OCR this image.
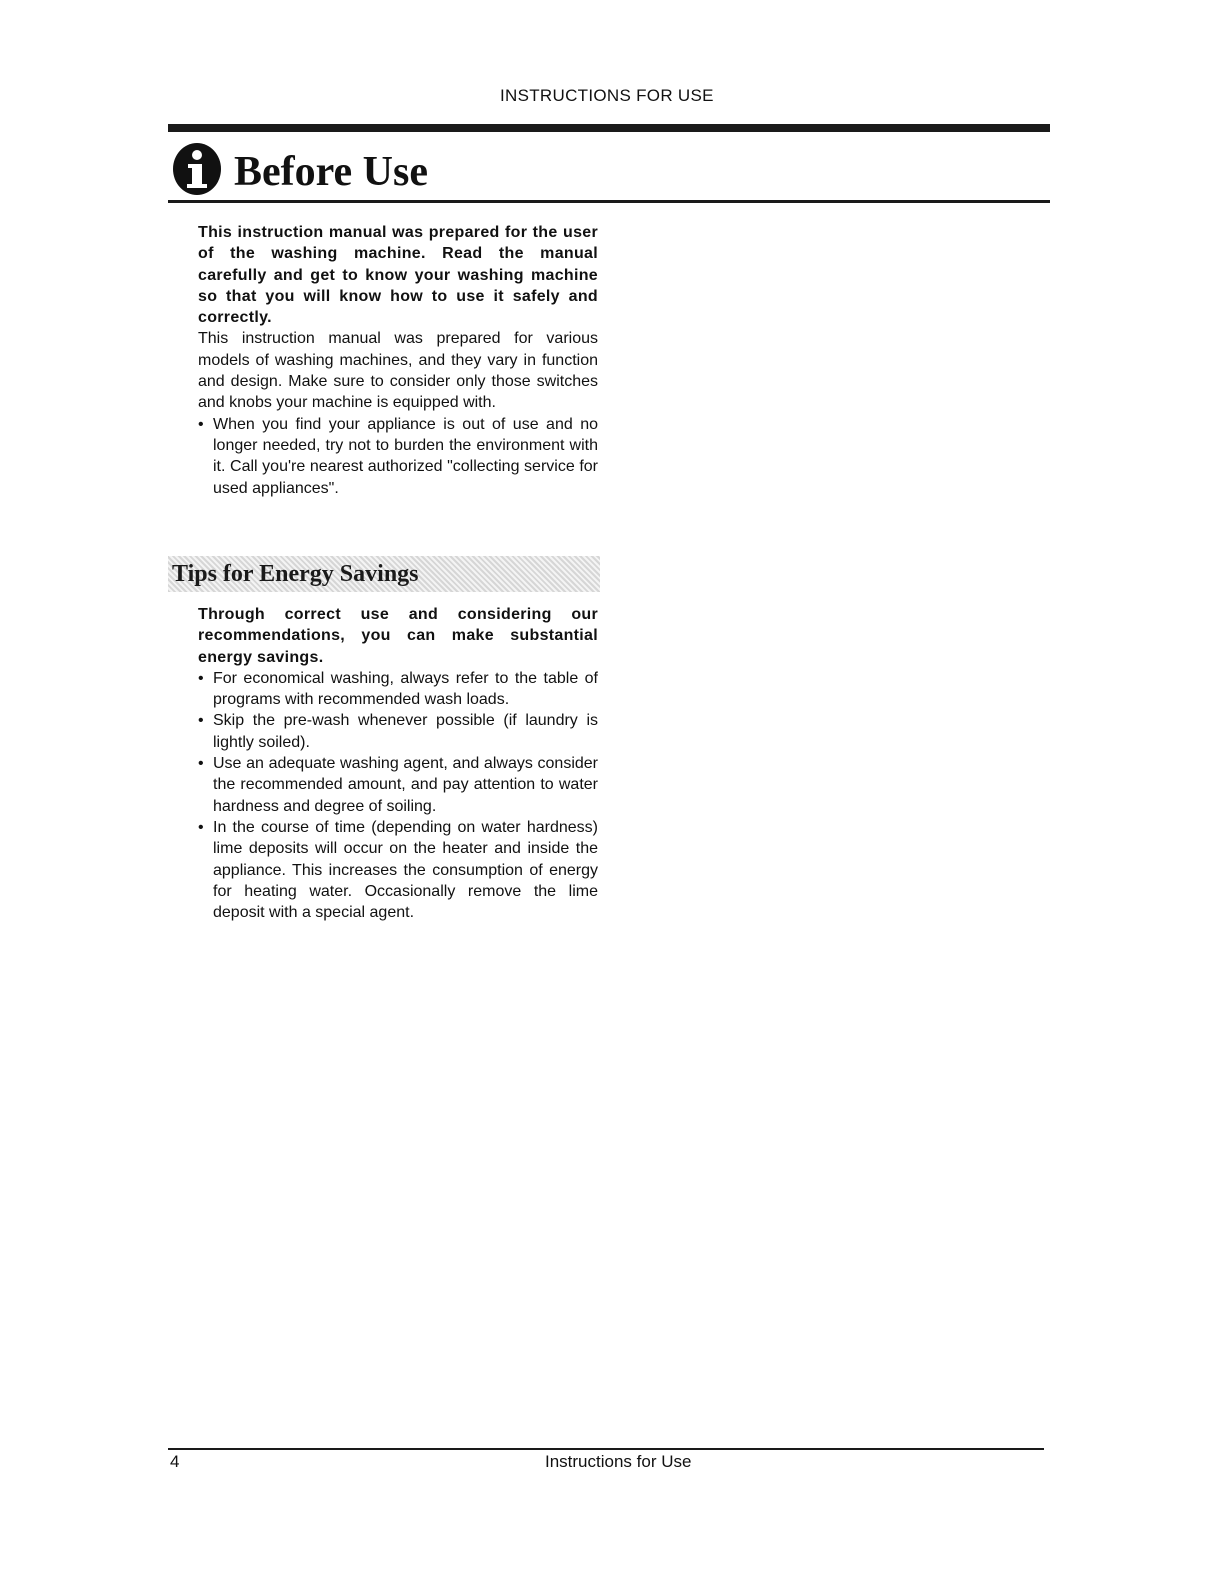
INSTRUCTIONS FOR USE
Before Use

This instruction manual was prepared for the user of the washing machine. Read the manual carefully and get to know your washing machine so that you will know how to use it safely and correctly.

This instruction manual was prepared for various models of washing machines, and they vary in function and design. Make sure to consider only those switches and knobs your machine is equipped with.

• When you find your appliance is out of use and no longer needed, try not to burden the environment with it. Call you're nearest authorized "collecting service for used appliances".
Tips for Energy Savings

Through correct use and considering our recommendations, you can make substantial energy savings.

• For economical washing, always refer to the table of programs with recommended wash loads.
• Skip the pre-wash whenever possible (if laundry is lightly soiled).
• Use an adequate washing agent, and always consider the recommended amount, and pay attention to water hardness and degree of soiling.
• In the course of time (depending on water hardness) lime deposits will occur on the heater and inside the appliance. This increases the consumption of energy for heating water. Occasionally remove the lime deposit with a special agent.
4	Instructions for Use
